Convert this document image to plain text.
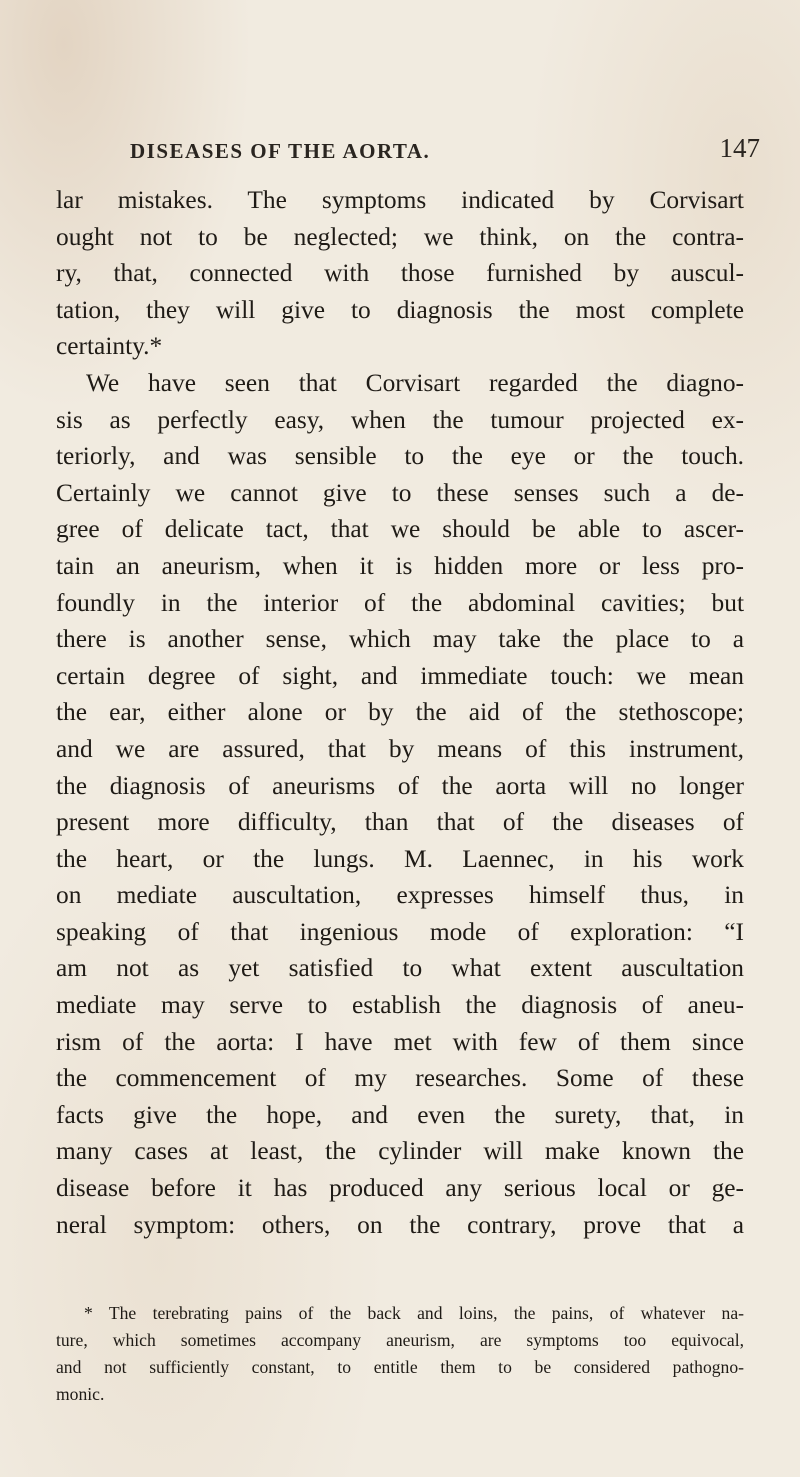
DISEASES OF THE AORTA.	147
lar mistakes. The symptoms indicated by Corvisart
ought not to be neglected; we think, on the contra-
ry, that, connected with those furnished by auscul-
tation, they will give to diagnosis the most complete
certainty.*
We have seen that Corvisart regarded the diagno-
sis as perfectly easy, when the tumour projected ex-
teriorly, and was sensible to the eye or the touch.
Certainly we cannot give to these senses such a de-
gree of delicate tact, that we should be able to ascer-
tain an aneurism, when it is hidden more or less pro-
foundly in the interior of the abdominal cavities; but
there is another sense, which may take the place to a
certain degree of sight, and immediate touch: we mean
the ear, either alone or by the aid of the stethoscope;
and we are assured, that by means of this instrument,
the diagnosis of aneurisms of the aorta will no longer
present more difficulty, than that of the diseases of
the heart, or the lungs. M. Laennec, in his work
on mediate auscultation, expresses himself thus, in
speaking of that ingenious mode of exploration: “I
am not as yet satisfied to what extent auscultation
mediate may serve to establish the diagnosis of aneu-
rism of the aorta: I have met with few of them since
the commencement of my researches. Some of these
facts give the hope, and even the surety, that, in
many cases at least, the cylinder will make known the
disease before it has produced any serious local or ge-
neral symptom: others, on the contrary, prove that a
* The terebrating pains of the back and loins, the pains, of whatever na-
ture, which sometimes accompany aneurism, are symptoms too equivocal,
and not sufficiently constant, to entitle them to be considered pathogno-
monic.
